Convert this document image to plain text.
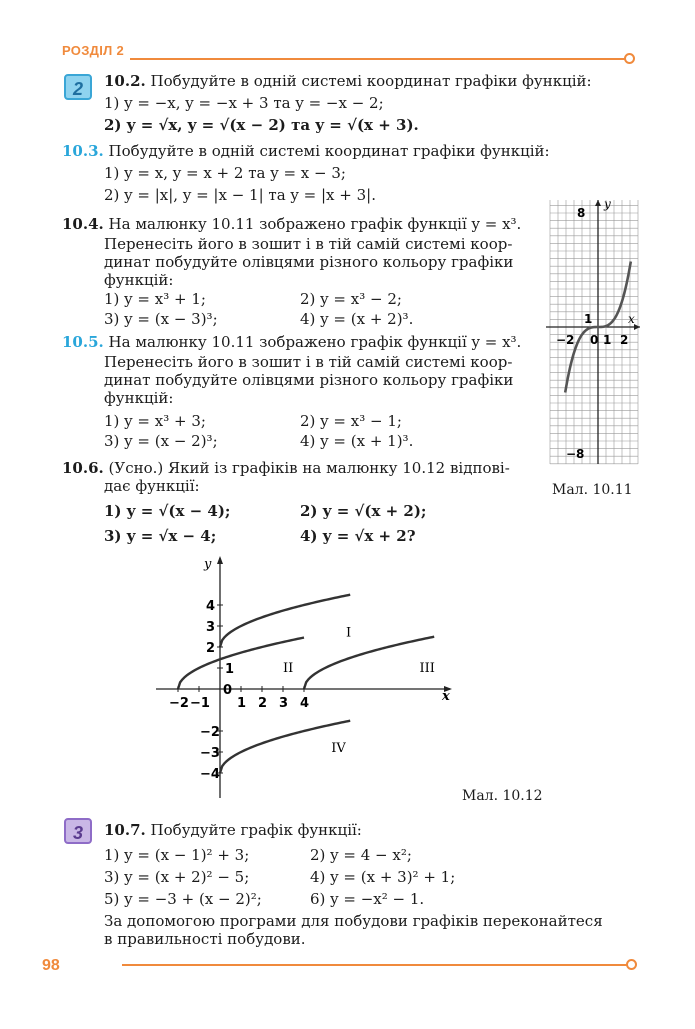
РОЗДІЛ 2
2	10.2. Побудуйте в одній системі координат графіки функцій:
1) y = −x, y = −x + 3 та y = −x − 2;
2) y = √x, y = √(x − 2) та y = √(x + 3).
10.3. Побудуйте в одній системі координат графіки функцій:
1) y = x, y = x + 2 та y = x − 3;
2) y = |x|, y = |x − 1| та y = |x + 3|.
10.4. На малюнку 10.11 зображено графік функції y = x³.
Перенесіть його в зошит і в тій самій системі коор-
динат побудуйте олівцями різного кольору графіки
функцій:
1) y = x³ + 1;	2) y = x³ − 2;
3) y = (x − 3)³;	4) y = (x + 2)³.
10.5. На малюнку 10.11 зображено графік функції y = x³.
Перенесіть його в зошит і в тій самій системі коор-
динат побудуйте олівцями різного кольору графіки
функцій:
1) y = x³ + 3;	2) y = x³ − 1;
3) y = (x − 2)³;	4) y = (x + 1)³.
10.6. (Усно.) Який із графіків на малюнку 10.12 відпові-
дає функції:
1) y = √(x − 4);	2) y = √(x + 2);
3) y = √x − 4;	4) y = √x + 2?
y
x
8
1
−8
−2 0 1 2
Мал. 10.11
I
II	III
IV
4
3
2
1
−2
−3
−4
−2 −1
0
1 2 3 4
y
x
Мал. 10.12
3	10.7. Побудуйте графік функції:
1) y = (x − 1)² + 3;	2) y = 4 − x²;
3) y = (x + 2)² − 5;	4) y = (x + 3)² + 1;
5) y = −3 + (x − 2)²;	6) y = −x² − 1.
За допомогою програми для побудови графіків переконайтеся
в правильності побудови.
98
